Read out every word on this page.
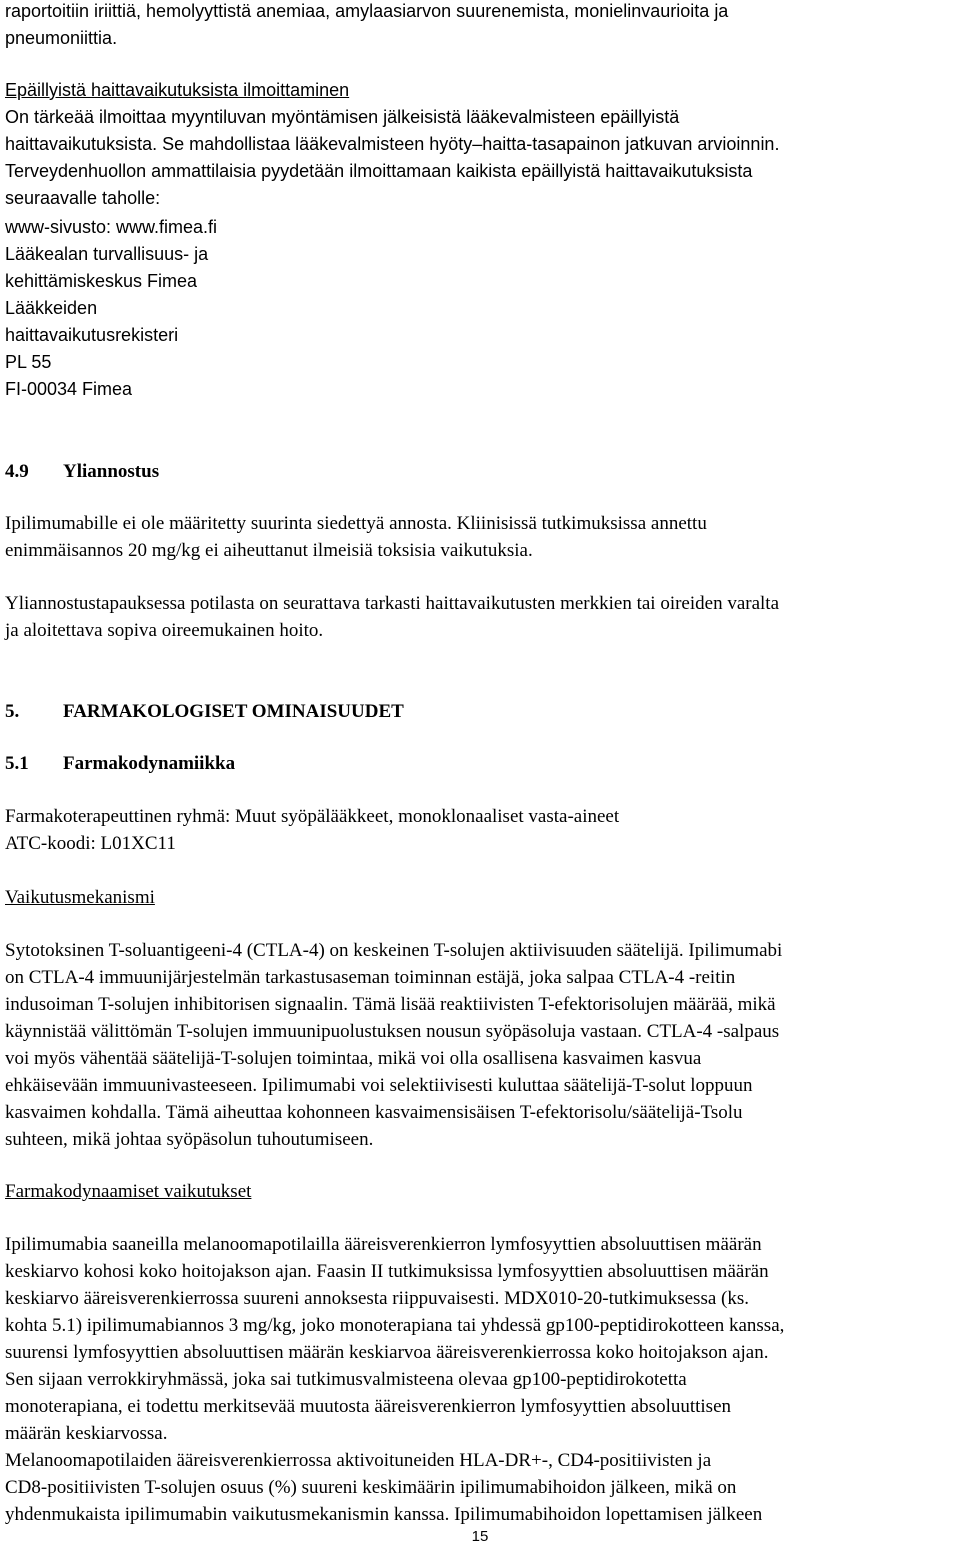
raportoitiin iriittiä, hemolyyttistä anemiaa, amylaasiarvon suurenemista, monielinvaurioita ja
pneumoniittia.
Epäillyistä haittavaikutuksista ilmoittaminen
On tärkeää ilmoittaa myyntiluvan myöntämisen jälkeisistä lääkevalmisteen epäillyistä
haittavaikutuksista. Se mahdollistaa lääkevalmisteen hyöty–haitta-tasapainon jatkuvan arvioinnin.
Terveydenhuollon ammattilaisia pyydetään ilmoittamaan kaikista epäillyistä haittavaikutuksista
seuraavalle taholle:
www-sivusto: www.fimea.fi
Lääkealan turvallisuus- ja
kehittämiskeskus Fimea
Lääkkeiden
haittavaikutusrekisteri
PL 55
FI-00034 Fimea
4.9	Yliannostus
Ipilimumabille ei ole määritetty suurinta siedettyä annosta. Kliinisissä tutkimuksissa annettu
enimmäisannos 20 mg/kg ei aiheuttanut ilmeisiä toksisia vaikutuksia.
Yliannostustapauksessa potilasta on seurattava tarkasti haittavaikutusten merkkien tai oireiden varalta
ja aloitettava sopiva oireemukainen hoito.
5.	FARMAKOLOGISET OMINAISUUDET
5.1	Farmakodynamiikka
Farmakoterapeuttinen ryhmä: Muut syöpälääkkeet, monoklonaaliset vasta-aineet
ATC-koodi: L01XC11
Vaikutusmekanismi
Sytotoksinen T-soluantigeeni-4 (CTLA-4) on keskeinen T-solujen aktiivisuuden säätelijä. Ipilimumabi
on CTLA-4 immuunijärjestelmän tarkastusaseman toiminnan estäjä, joka salpaa CTLA-4 -reitin
indusoiman T-solujen inhibitorisen signaalin. Tämä lisää reaktiivisten T-efektorisolujen määrää, mikä
käynnistää välittömän T-solujen immuunipuolustuksen nousun syöpäsoluja vastaan. CTLA-4 -salpaus
voi myös vähentää säätelijä-T-solujen toimintaa, mikä voi olla osallisena kasvaimen kasvua
ehkäisevään immuunivasteeseen. Ipilimumabi voi selektiivisesti kuluttaa säätelijä-T-solut loppuun
kasvaimen kohdalla. Tämä aiheuttaa kohonneen kasvaimensisäisen T-efektorisolu/säätelijä-Tsolu
suhteen, mikä johtaa syöpäsolun tuhoutumiseen.
Farmakodynaamiset vaikutukset
Ipilimumabia saaneilla melanoomapotilailla ääreisverenkierron lymfosyyttien absoluuttisen määrän
keskiarvo kohosi koko hoitojakson ajan. Faasin II tutkimuksissa lymfosyyttien absoluuttisen määrän
keskiarvo ääreisverenkierrossa suureni annoksesta riippuvaisesti. MDX010-20-tutkimuksessa (ks.
kohta 5.1) ipilimumabiannos 3 mg/kg, joko monoterapiana tai yhdessä gp100-peptidirokotteen kanssa,
suurensi lymfosyyttien absoluuttisen määrän keskiarvoa ääreisverenkierrossa koko hoitojakson ajan.
Sen sijaan verrokkiryhmässä, joka sai tutkimusvalmisteena olevaa gp100-peptidirokotetta
monoterapiana, ei todettu merkitsevää muutosta ääreisverenkierron lymfosyyttien absoluuttisen
määrän keskiarvossa.
Melanoomapotilaiden ääreisverenkierrossa aktivoituneiden HLA-DR+-, CD4-positiivisten ja
CD8-positiivisten T-solujen osuus (%) suureni keskimäärin ipilimumabihoidon jälkeen, mikä on
yhdenmukaista ipilimumabin vaikutusmekanismin kanssa. Ipilimumabihoidon lopettamisen jälkeen
15
